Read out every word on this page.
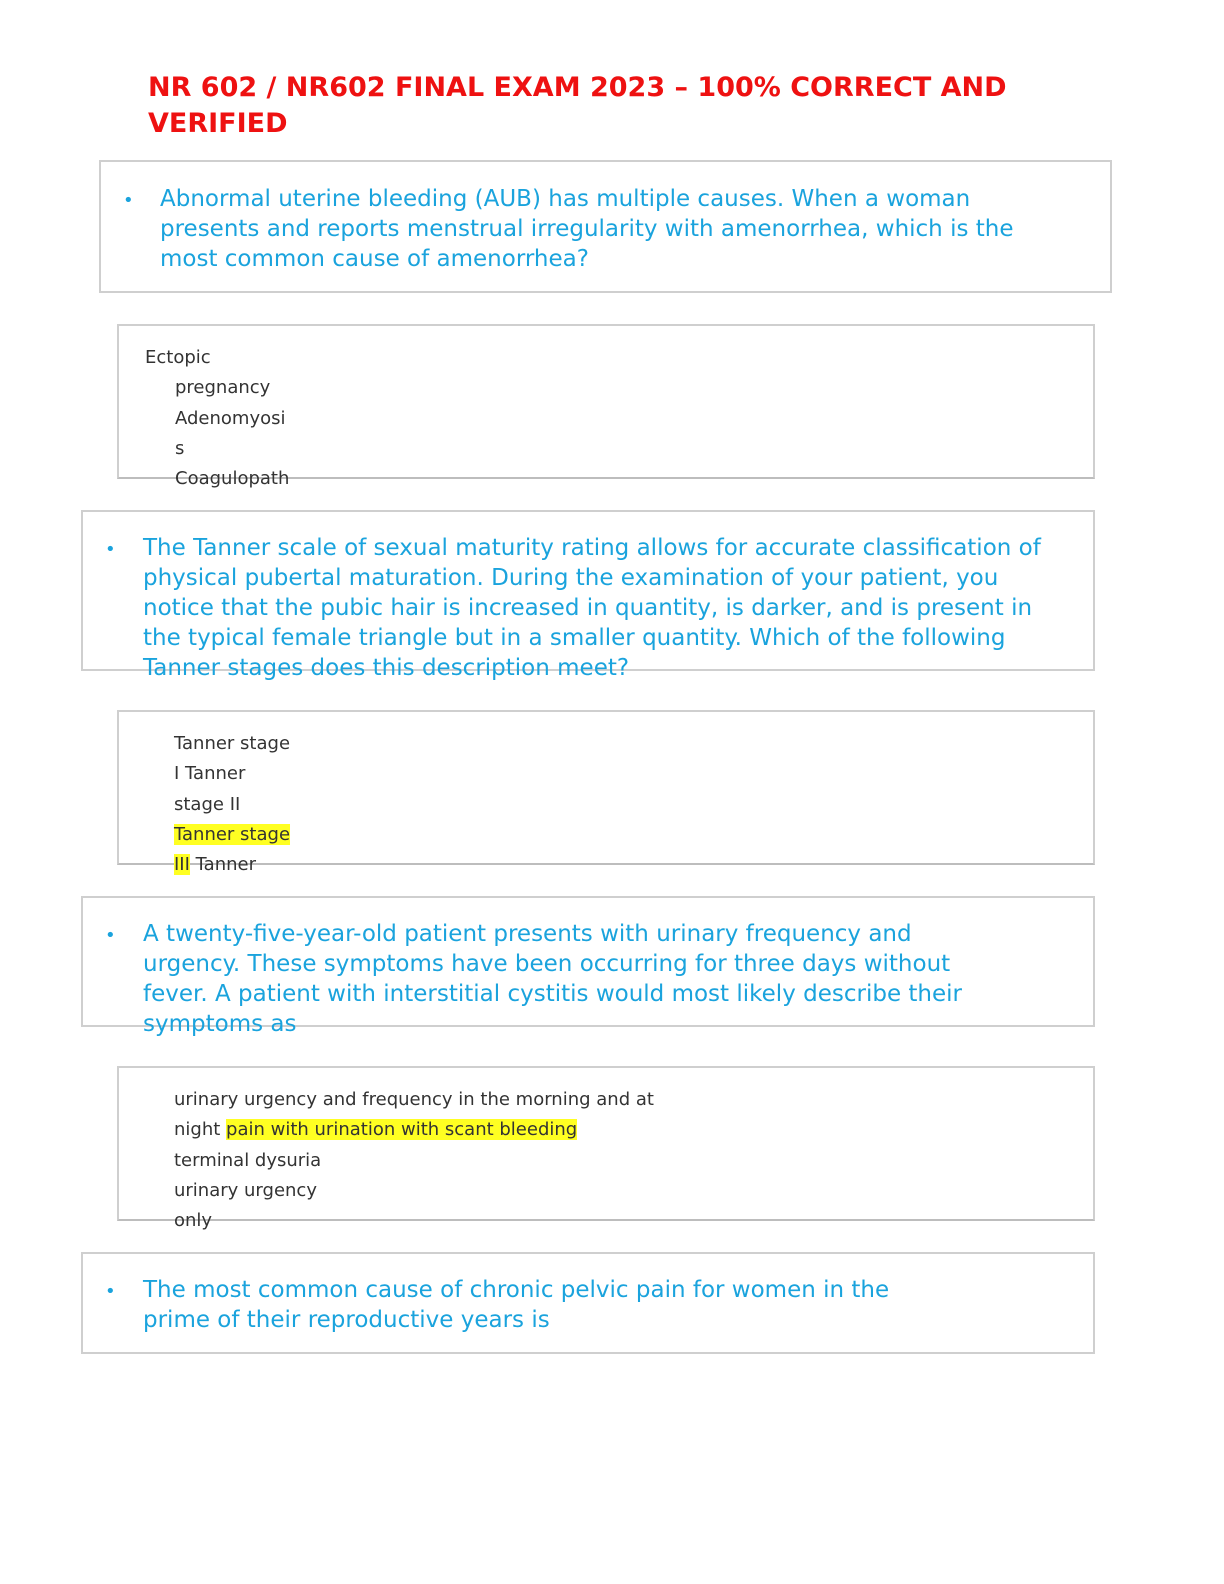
NR 602 / NR602 FINAL EXAM 2023 – 100% CORRECT AND VERIFIED
• Abnormal uterine bleeding (AUB) has multiple causes. When a woman presents and reports menstrual irregularity with amenorrhea, which is the most common cause of amenorrhea?

Ectopic
pregnancy
Adenomyosi
s
Coagulopath
• The Tanner scale of sexual maturity rating allows for accurate classification of physical pubertal maturation. During the examination of your patient, you notice that the pubic hair is increased in quantity, is darker, and is present in the typical female triangle but in a smaller quantity. Which of the following Tanner stages does this description meet?

Tanner stage
I Tanner
stage II
Tanner stage
III Tanner
• A twenty-five-year-old patient presents with urinary frequency and urgency. These symptoms have been occurring for three days without fever. A patient with interstitial cystitis would most likely describe their symptoms as

urinary urgency and frequency in the morning and at
night pain with urination with scant bleeding
terminal dysuria
urinary urgency
only
• The most common cause of chronic pelvic pain for women in the prime of their reproductive years is
